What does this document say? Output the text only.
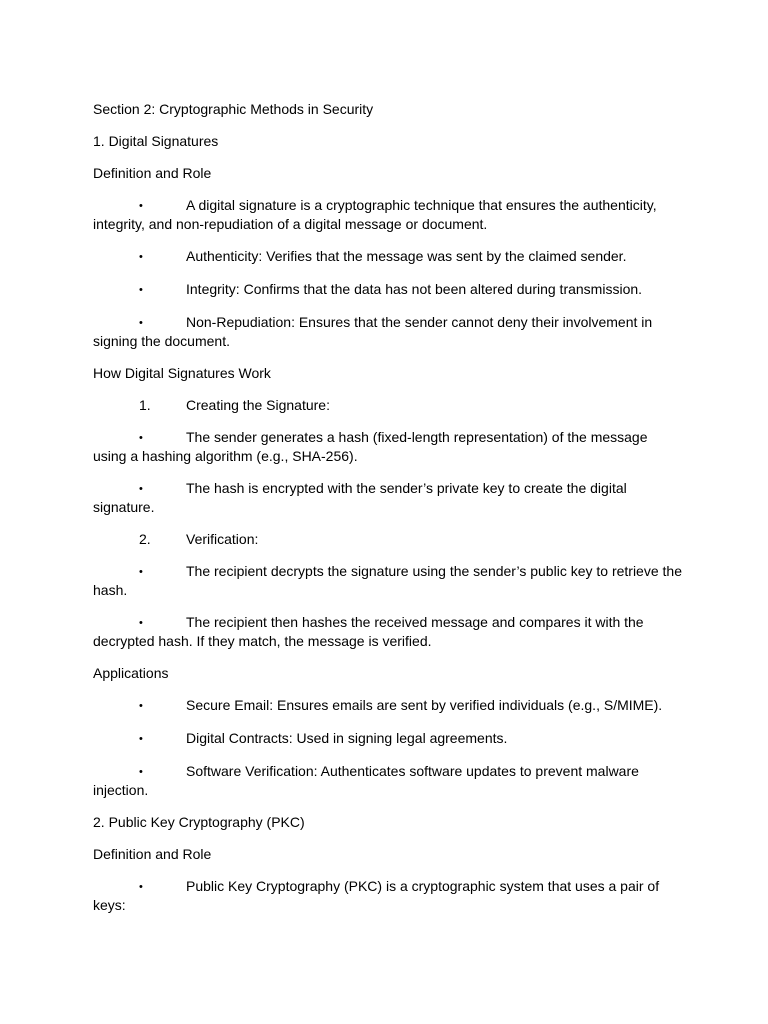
Section 2: Cryptographic Methods in Security

1. Digital Signatures

Definition and Role

•	A digital signature is a cryptographic technique that ensures the authenticity, integrity, and non-repudiation of a digital message or document.
•	Authenticity: Verifies that the message was sent by the claimed sender.
•	Integrity: Confirms that the data has not been altered during transmission.
•	Non-Repudiation: Ensures that the sender cannot deny their involvement in signing the document.

How Digital Signatures Work

1.	Creating the Signature:
•	The sender generates a hash (fixed-length representation) of the message using a hashing algorithm (e.g., SHA-256).
•	The hash is encrypted with the sender’s private key to create the digital signature.
2.	Verification:
•	The recipient decrypts the signature using the sender’s public key to retrieve the hash.
•	The recipient then hashes the received message and compares it with the decrypted hash. If they match, the message is verified.

Applications

•	Secure Email: Ensures emails are sent by verified individuals (e.g., S/MIME).
•	Digital Contracts: Used in signing legal agreements.
•	Software Verification: Authenticates software updates to prevent malware injection.

2. Public Key Cryptography (PKC)

Definition and Role

•	Public Key Cryptography (PKC) is a cryptographic system that uses a pair of keys:
